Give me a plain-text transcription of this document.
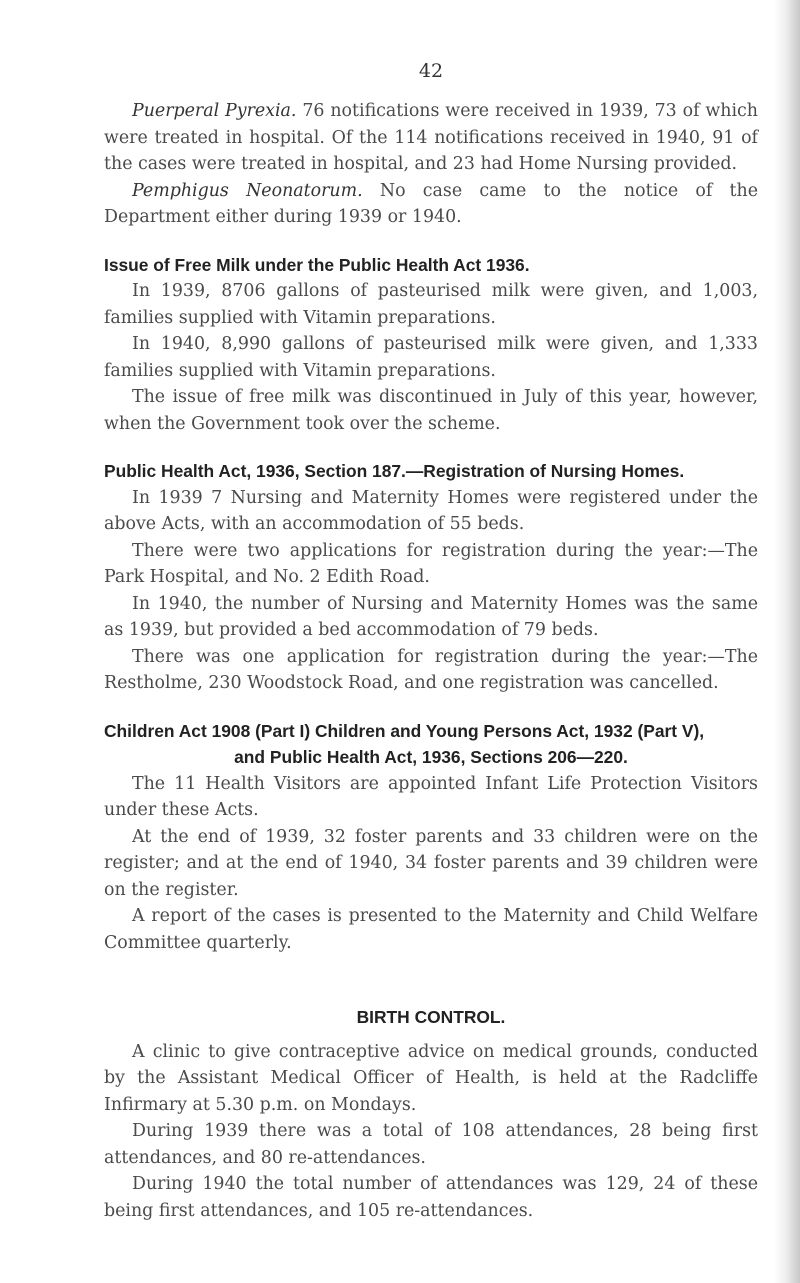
42

Puerperal Pyrexia. 76 notifications were received in 1939, 73 of which were treated in hospital. Of the 114 notifications received in 1940, 91 of the cases were treated in hospital, and 23 had Home Nursing provided.

Pemphigus Neonatorum. No case came to the notice of the Department either during 1939 or 1940.

Issue of Free Milk under the Public Health Act 1936.

In 1939, 8706 gallons of pasteurised milk were given, and 1,003, families supplied with Vitamin preparations.

In 1940, 8,990 gallons of pasteurised milk were given, and 1,333 families supplied with Vitamin preparations.

The issue of free milk was discontinued in July of this year, however, when the Government took over the scheme.

Public Health Act, 1936, Section 187.—Registration of Nursing Homes.

In 1939 7 Nursing and Maternity Homes were registered under the above Acts, with an accommodation of 55 beds.

There were two applications for registration during the year:—The Park Hospital, and No. 2 Edith Road.

In 1940, the number of Nursing and Maternity Homes was the same as 1939, but provided a bed accommodation of 79 beds.

There was one application for registration during the year:—The Restholme, 230 Woodstock Road, and one registration was cancelled.

Children Act 1908 (Part I) Children and Young Persons Act, 1932 (Part V),
and Public Health Act, 1936, Sections 206—220.

The 11 Health Visitors are appointed Infant Life Protection Visitors under these Acts.

At the end of 1939, 32 foster parents and 33 children were on the register; and at the end of 1940, 34 foster parents and 39 children were on the register.

A report of the cases is presented to the Maternity and Child Welfare Committee quarterly.

BIRTH CONTROL.

A clinic to give contraceptive advice on medical grounds, conducted by the Assistant Medical Officer of Health, is held at the Radcliffe Infirmary at 5.30 p.m. on Mondays.

During 1939 there was a total of 108 attendances, 28 being first attendances, and 80 re-attendances.

During 1940 the total number of attendances was 129, 24 of these being first attendances, and 105 re-attendances.
